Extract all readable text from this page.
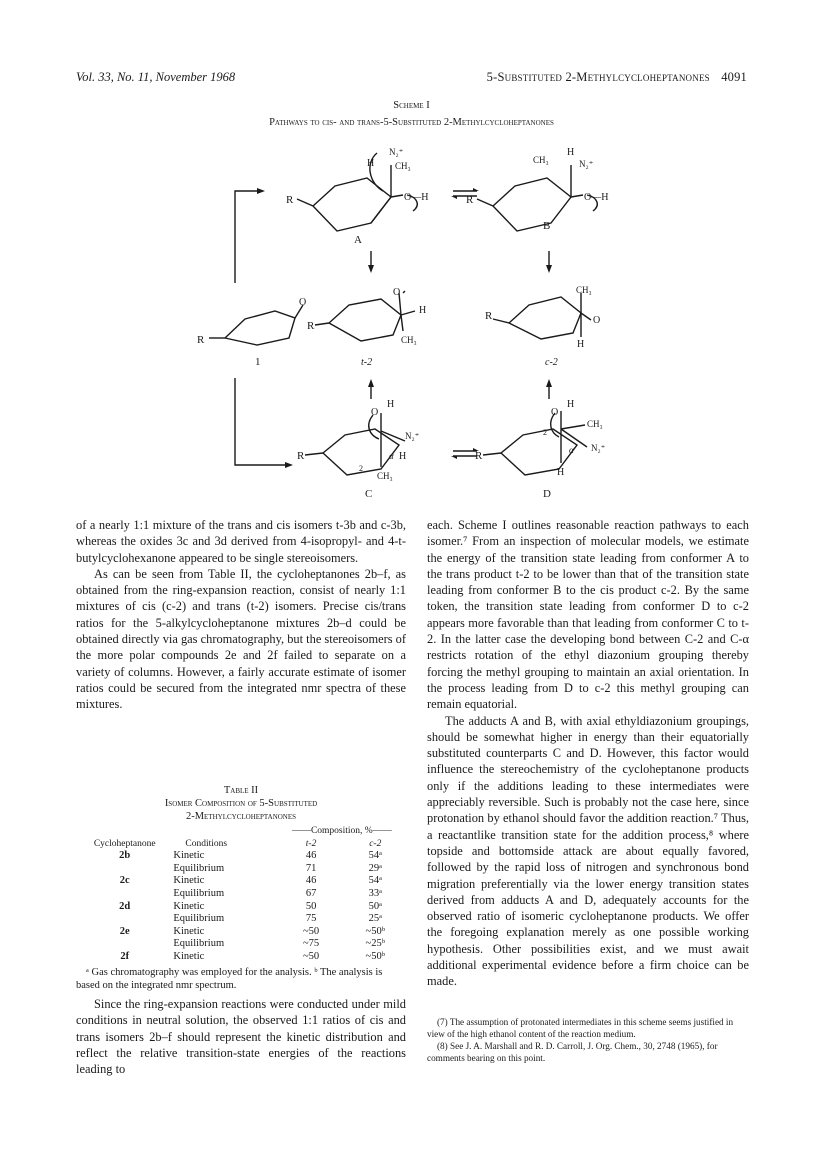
Vol. 33, No. 11, November 1968	5-Substituted 2-Methylcycloheptanones 4091
Scheme I
Pathways to cis- and trans-5-Substituted 2-Methylcycloheptanones
R
H
N₂⁺
CH₃
O—H
A
R
CH₃
H
N₂⁺
O—H
B
R
O
1
R
O
H
CH₃
t-2
R
CH₃
O
H
c-2
O
H
N₂⁺
α H
CH₃
2
R
C
O
H
CH₃
N₂⁺
α
H
2
R
D

of a nearly 1:1 mixture of the trans and cis isomers t-3b and c-3b, whereas the oxides 3c and 3d derived from 4-isopropyl- and 4-t-butylcyclohexanone appeared to be single stereoisomers.

As can be seen from Table II, the cycloheptanones 2b–f, as obtained from the ring-expansion reaction, consist of nearly 1:1 mixtures of cis (c-2) and trans (t-2) isomers. Precise cis/trans ratios for the 5-alkylcycloheptanone mixtures 2b–d could be obtained directly via gas chromatography, but the stereoisomers of the more polar compounds 2e and 2f failed to separate on a variety of columns. However, a fairly accurate estimate of isomer ratios could be secured from the integrated nmr spectra of these mixtures.

Table II
Isomer Composition of 5-Substituted
2-Methylcycloheptanones
		——Composition, %——	
Cycloheptanone	Conditions	t-2	c-2
2b	Kinetic	46	54ᵃ
	Equilibrium	71	29ᵃ
2c	Kinetic	46	54ᵃ
	Equilibrium	67	33ᵃ
2d	Kinetic	50	50ᵃ
	Equilibrium	75	25ᵃ
2e	Kinetic	~50	~50ᵇ
	Equilibrium	~75	~25ᵇ
2f	Kinetic	~50	~50ᵇ
ᵃ Gas chromatography was employed for the analysis. ᵇ The analysis is based on the integrated nmr spectrum.

Since the ring-expansion reactions were conducted under mild conditions in neutral solution, the observed 1:1 ratios of cis and trans isomers 2b–f should represent the kinetic distribution and reflect the relative transition-state energies of the reactions leading to

each. Scheme I outlines reasonable reaction pathways to each isomer.⁷ From an inspection of molecular models, we estimate the energy of the transition state leading from conformer A to the trans product t-2 to be lower than that of the transition state leading from conformer B to the cis product c-2. By the same token, the transition state leading from conformer D to c-2 appears more favorable than that leading from conformer C to t-2. In the latter case the developing bond between C-2 and C-α restricts rotation of the ethyl diazonium grouping thereby forcing the methyl grouping to maintain an axial orientation. In the process leading from D to c-2 this methyl grouping can remain equatorial.

The adducts A and B, with axial ethyldiazonium groupings, should be somewhat higher in energy than their equatorially substituted counterparts C and D. However, this factor would influence the stereochemistry of the cycloheptanone products only if the additions leading to these intermediates were appreciably reversible. Such is probably not the case here, since protonation by ethanol should favor the addition reaction.⁷ Thus, a reactantlike transition state for the addition process,⁸ where topside and bottomside attack are about equally favored, followed by the rapid loss of nitrogen and synchronous bond migration preferentially via the lower energy transition states derived from adducts A and D, adequately accounts for the observed ratio of isomeric cycloheptanone products. We offer the foregoing explanation merely as one possible working hypothesis. Other possibilities exist, and we must await additional experimental evidence before a firm choice can be made.

(7) The assumption of protonated intermediates in this scheme seems justified in view of the high ethanol content of the reaction medium.

(8) See J. A. Marshall and R. D. Carroll, J. Org. Chem., 30, 2748 (1965), for comments bearing on this point.
